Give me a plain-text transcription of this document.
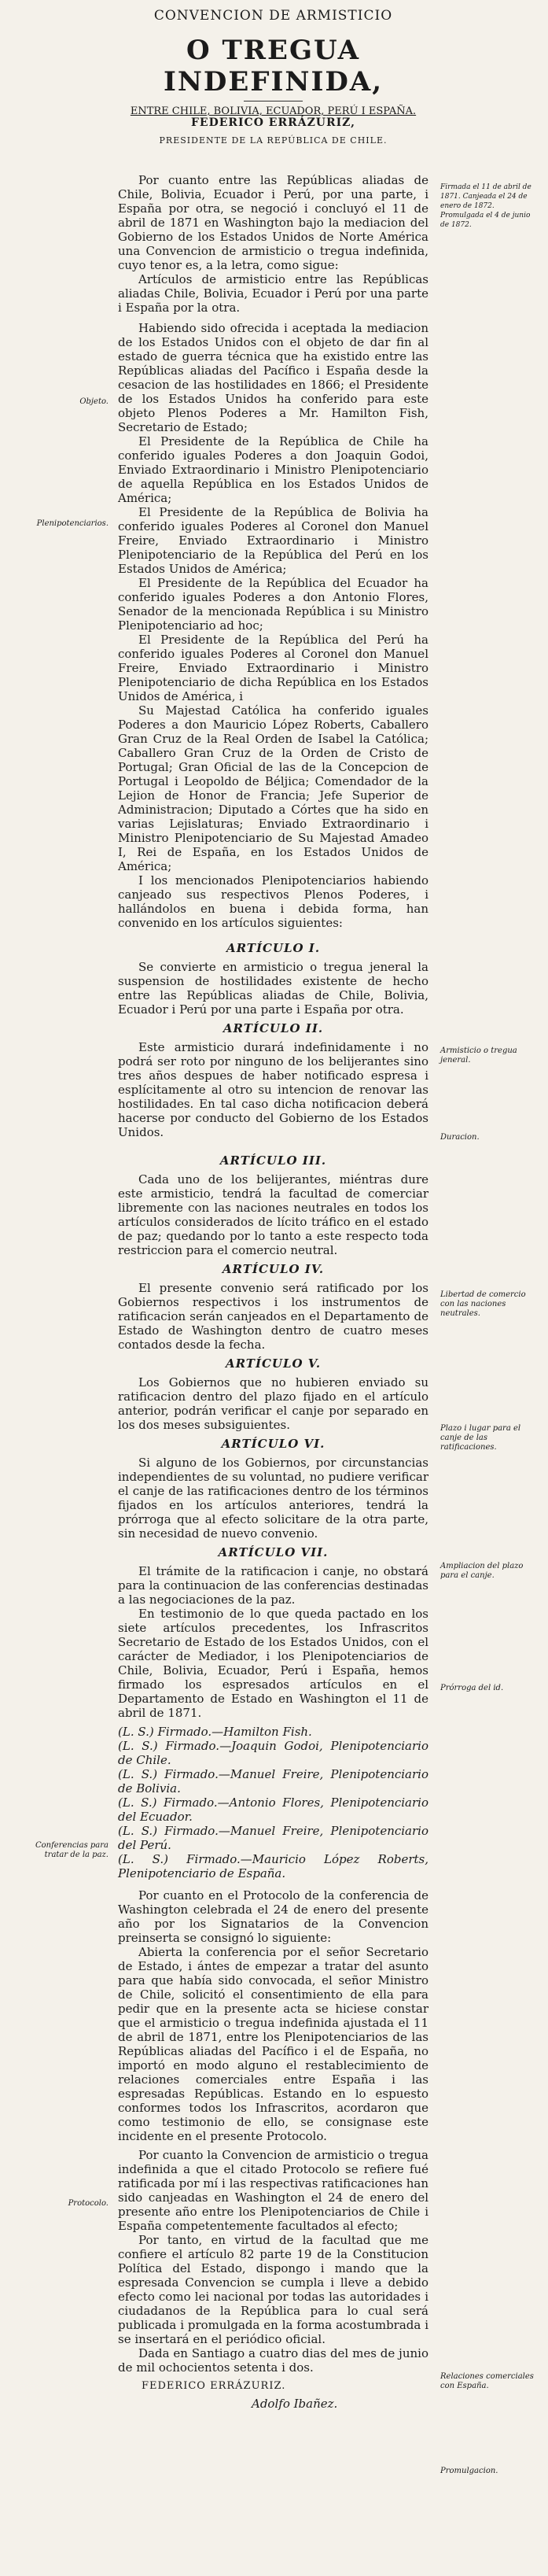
CONVENCION DE ARMISTICIO
O TREGUA INDEFINIDA,
ENTRE CHILE, BOLIVIA, ECUADOR, PERÚ I ESPAÑA.
FEDERICO ERRÁZURIZ,
PRESIDENTE DE LA REPÚBLICA DE CHILE.
Firmada el 11 de abril de 1871. Canjeada el 24 de enero de 1872. Promulgada el 4 de junio de 1872.
Objeto.
Plenipotenciarios.
Armisticio o tregua jeneral.
Duracion.
Libertad de comercio con las naciones neutrales.
Plazo i lugar para el canje de las ratificaciones.
Ampliacion del plazo para el canje.
Prórroga del id.
Conferencias para tratar de la paz.
Protocolo.
Relaciones comerciales con España.
Promulgacion.

Por cuanto entre las Repúblicas aliadas de Chile, Bolivia, Ecuador i Perú, por una parte, i España por otra, se negoció i concluyó el 11 de abril de 1871 en Washington bajo la mediacion del Gobierno de los Estados Unidos de Norte América una Convencion de armisticio o tregua indefinida, cuyo tenor es, a la letra, como sigue:

Artículos de armisticio entre las Repúblicas aliadas Chile, Bolivia, Ecuador i Perú por una parte i España por la otra.

Habiendo sido ofrecida i aceptada la mediacion de los Estados Unidos con el objeto de dar fin al estado de guerra técnica que ha existido entre las Repúblicas aliadas del Pacífico i España desde la cesacion de las hostilidades en 1866; el Presidente de los Estados Unidos ha conferido para este objeto Plenos Poderes a Mr. Hamilton Fish, Secretario de Estado;

El Presidente de la República de Chile ha conferido iguales Poderes a don Joaquin Godoi, Enviado Extraordinario i Ministro Plenipotenciario de aquella República en los Estados Unidos de América;

El Presidente de la República de Bolivia ha conferido iguales Poderes al Coronel don Manuel Freire, Enviado Extraordinario i Ministro Plenipotenciario de la República del Perú en los Estados Unidos de América;

El Presidente de la República del Ecuador ha conferido iguales Poderes a don Antonio Flores, Senador de la mencionada República i su Ministro Plenipotenciario ad hoc;

El Presidente de la República del Perú ha conferido iguales Poderes al Coronel don Manuel Freire, Enviado Extraordinario i Ministro Plenipotenciario de dicha República en los Estados Unidos de América, i

Su Majestad Católica ha conferido iguales Poderes a don Mauricio López Roberts, Caballero Gran Cruz de la Real Orden de Isabel la Católica; Caballero Gran Cruz de la Orden de Cristo de Portugal; Gran Oficial de las de la Concepcion de Portugal i Leopoldo de Béljica; Comendador de la Lejion de Honor de Francia; Jefe Superior de Administracion; Diputado a Córtes que ha sido en varias Lejislaturas; Enviado Extraordinario i Ministro Plenipotenciario de Su Majestad Amadeo I, Rei de España, en los Estados Unidos de América;

I los mencionados Plenipotenciarios habiendo canjeado sus respectivos Plenos Poderes, i hallándolos en buena i debida forma, han convenido en los artículos siguientes:

ARTÍCULO I.

Se convierte en armisticio o tregua jeneral la suspension de hostilidades existente de hecho entre las Repúblicas aliadas de Chile, Bolivia, Ecuador i Perú por una parte i España por otra.

ARTÍCULO II.

Este armisticio durará indefinidamente i no podrá ser roto por ninguno de los belijerantes sino tres años despues de haber notificado espresa i esplícitamente al otro su intencion de renovar las hostilidades. En tal caso dicha notificacion deberá hacerse por conducto del Gobierno de los Estados Unidos.

ARTÍCULO III.

Cada uno de los belijerantes, miéntras dure este armisticio, tendrá la facultad de comerciar libremente con las naciones neutrales en todos los artículos considerados de lícito tráfico en el estado de paz; quedando por lo tanto a este respecto toda restriccion para el comercio neutral.

ARTÍCULO IV.

El presente convenio será ratificado por los Gobiernos respectivos i los instrumentos de ratificacion serán canjeados en el Departamento de Estado de Washington dentro de cuatro meses contados desde la fecha.

ARTÍCULO V.

Los Gobiernos que no hubieren enviado su ratificacion dentro del plazo fijado en el artículo anterior, podrán verificar el canje por separado en los dos meses subsiguientes.

ARTÍCULO VI.

Si alguno de los Gobiernos, por circunstancias independientes de su voluntad, no pudiere verificar el canje de las ratificaciones dentro de los términos fijados en los artículos anteriores, tendrá la prórroga que al efecto solicitare de la otra parte, sin necesidad de nuevo convenio.

ARTÍCULO VII.

El trámite de la ratificacion i canje, no obstará para la continuacion de las conferencias destinadas a las negociaciones de la paz.

En testimonio de lo que queda pactado en los siete artículos precedentes, los Infrascritos Secretario de Estado de los Estados Unidos, con el carácter de Mediador, i los Plenipotenciarios de Chile, Bolivia, Ecuador, Perú i España, hemos firmado los espresados artículos en el Departamento de Estado en Washington el 11 de abril de 1871.

(L. S.) Firmado.—Hamilton Fish.

(L. S.) Firmado.—Joaquin Godoi, Plenipotenciario de Chile.

(L. S.) Firmado.—Manuel Freire, Plenipotenciario de Bolivia.

(L. S.) Firmado.—Antonio Flores, Plenipotenciario del Ecuador.

(L. S.) Firmado.—Manuel Freire, Plenipotenciario del Perú.

(L. S.) Firmado.—Mauricio López Roberts, Plenipotenciario de España.

Por cuanto en el Protocolo de la conferencia de Washington celebrada el 24 de enero del presente año por los Signatarios de la Convencion preinserta se consignó lo siguiente:

Abierta la conferencia por el señor Secretario de Estado, i ántes de empezar a tratar del asunto para que había sido convocada, el señor Ministro de Chile, solicitó el consentimiento de ella para pedir que en la presente acta se hiciese constar que el armisticio o tregua indefinida ajustada el 11 de abril de 1871, entre los Plenipotenciarios de las Repúblicas aliadas del Pacífico i el de España, no importó en modo alguno el restablecimiento de relaciones comerciales entre España i las espresadas Repúblicas. Estando en lo espuesto conformes todos los Infrascritos, acordaron que como testimonio de ello, se consignase este incidente en el presente Protocolo.

Por cuanto la Convencion de armisticio o tregua indefinida a que el citado Protocolo se refiere fué ratificada por mí i las respectivas ratificaciones han sido canjeadas en Washington el 24 de enero del presente año entre los Plenipotenciarios de Chile i España competentemente facultados al efecto;

Por tanto, en virtud de la facultad que me confiere el artículo 82 parte 19 de la Constitucion Política del Estado, dispongo i mando que la espresada Convencion se cumpla i lleve a debido efecto como lei nacional por todas las autoridades i ciudadanos de la República para lo cual será publicada i promulgada en la forma acostumbrada i se insertará en el periódico oficial.

Dada en Santiago a cuatro dias del mes de junio de mil ochocientos setenta i dos.

FEDERICO ERRÁZURIZ.

Adolfo Ibañez.
